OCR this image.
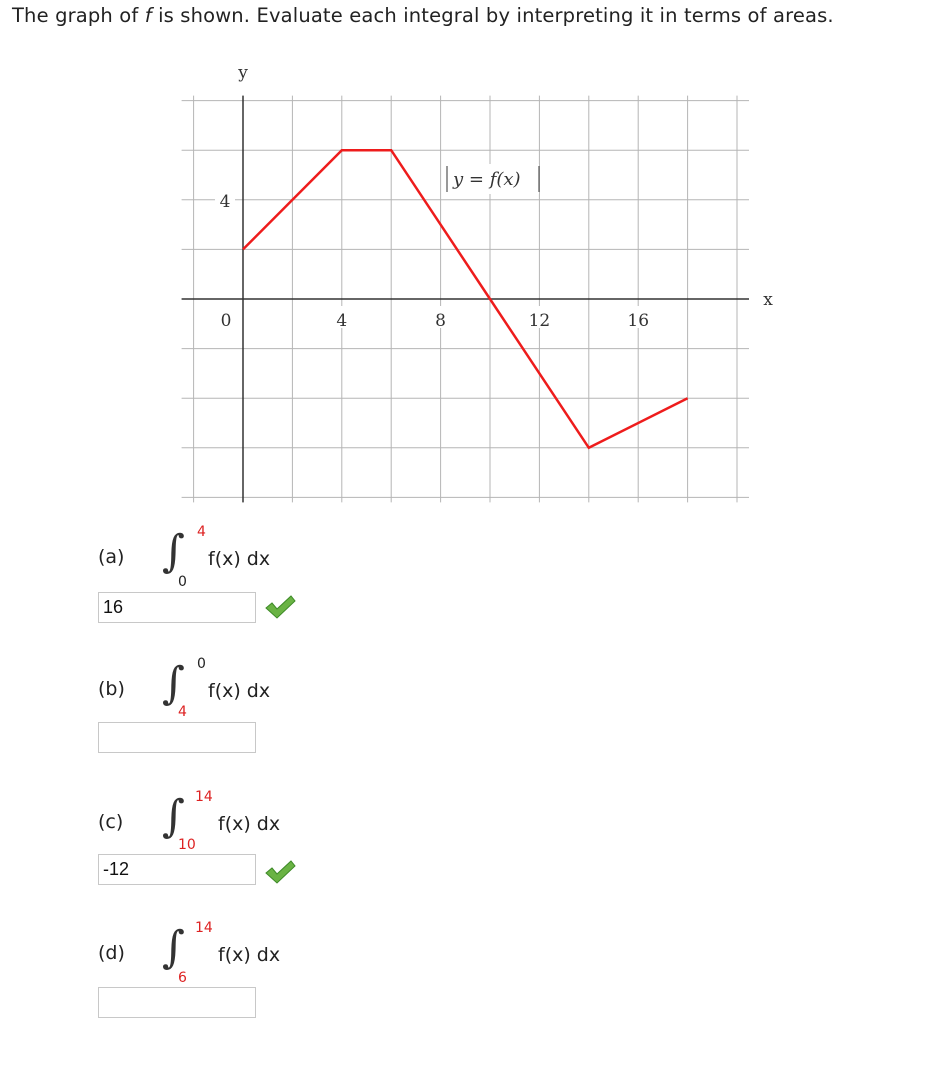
The graph of f is shown. Evaluate each integral by interpreting it in terms of areas.
0	4	8	12	16
4
y = f(x)
y
x
(a) ∫ 4
0
f(x) dx
16
(b) ∫ 0
4
f(x) dx
(c) ∫ 14
10
f(x) dx
-12
(d) ∫ 14
6
f(x) dx
